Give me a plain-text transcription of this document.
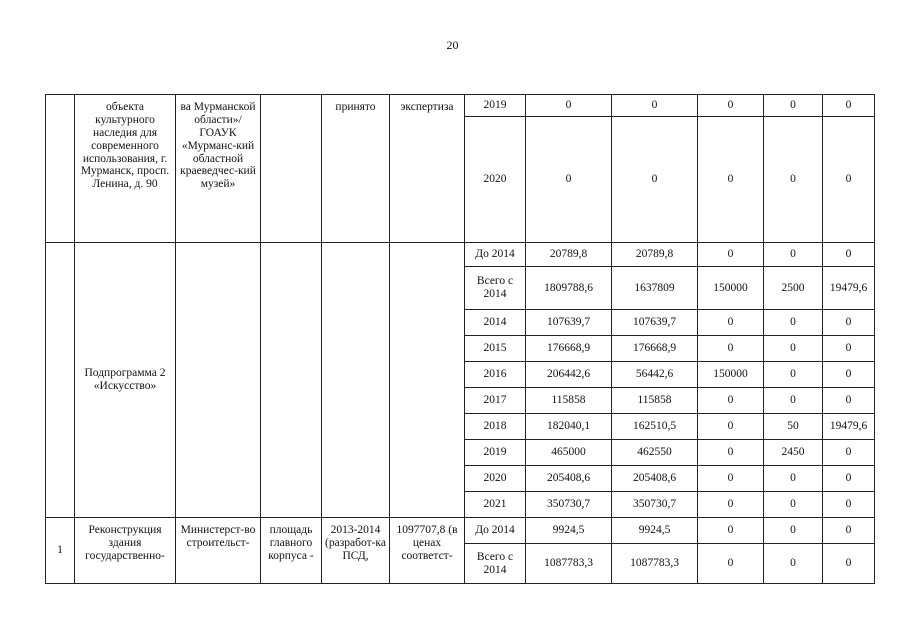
20
	объекта культурного наследия для современного использования, г. Мурманск, просп. Ленина, д. 90	ва Мурманской области»/ ГОАУК «Мурманс-кий областной краеведчес-кий музей»		принято	экспертиза	2019	0	0	0	0	0
						2020	0	0	0	0	0
	Подпрограмма 2 «Искусство»					До 2014	20789,8	20789,8	0	0	0
						Всего с 2014	1809788,6	1637809	150000	2500	19479,6
						2014	107639,7	107639,7	0	0	0
						2015	176668,9	176668,9	0	0	0
						2016	206442,6	56442,6	150000	0	0
						2017	115858	115858	0	0	0
						2018	182040,1	162510,5	0	50	19479,6
						2019	465000	462550	0	2450	0
						2020	205408,6	205408,6	0	0	0
						2021	350730,7	350730,7	0	0	0
1	Реконструкция здания государственно-	Министерст-во строительст-	площадь главного корпуса -	2013-2014 (разработ-ка ПСД,	1097707,8 (в ценах соответст-	До 2014	9924,5	9924,5	0	0	0
						Всего с 2014	1087783,3	1087783,3	0	0	0
